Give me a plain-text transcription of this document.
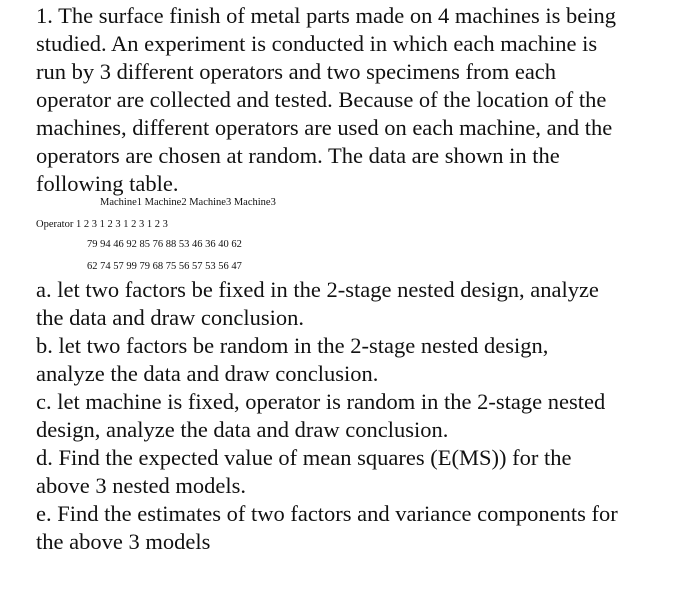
1. The surface finish of metal parts made on 4 machines is being
studied. An experiment is conducted in which each machine is
run by 3 different operators and two specimens from each
operator are collected and tested. Because of the location of the
machines, different operators are used on each machine, and the
operators are chosen at random. The data are shown in the
following table.

Machine1 Machine2 Machine3 Machine3

Operator 1 2 3 1 2 3 1 2 3 1 2 3

79 94 46 92 85 76 88 53 46 36 40 62

62 74 57 99 79 68 75 56 57 53 56 47

a. let two factors be fixed in the 2-stage nested design, analyze
the data and draw conclusion.
b. let two factors be random in the 2-stage nested design,
analyze the data and draw conclusion.
c. let machine is fixed, operator is random in the 2-stage nested
design, analyze the data and draw conclusion.
d. Find the expected value of mean squares (E(MS)) for the
above 3 nested models.
e. Find the estimates of two factors and variance components for
the above 3 models
